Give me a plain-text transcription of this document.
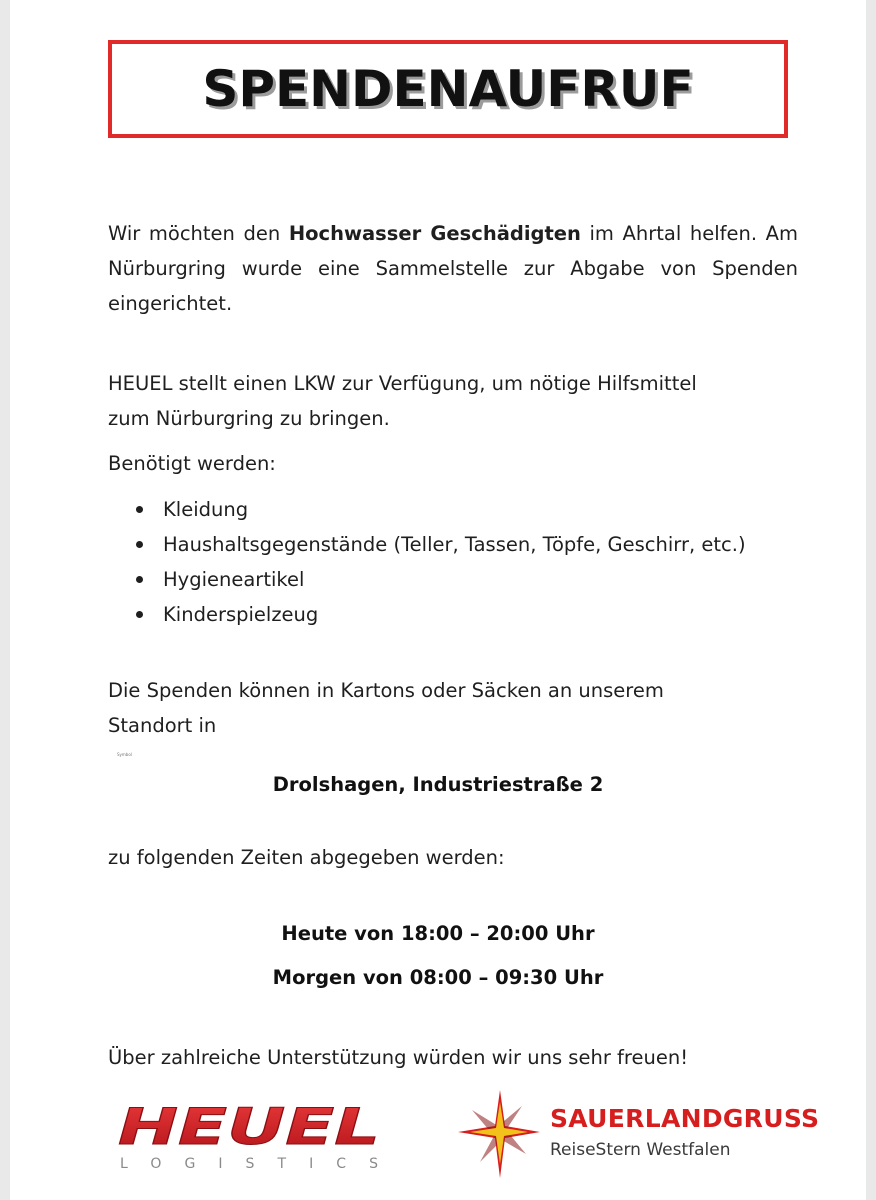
SPENDENAUFRUF

Wir möchten den Hochwasser Geschädigten im Ahrtal helfen. Am Nürburgring wurde eine Sammelstelle zur Abgabe von Spenden eingerichtet.

HEUEL stellt einen LKW zur Verfügung, um nötige Hilfsmittel
zum Nürburgring zu bringen.

Benötigt werden:

Kleidung
Haushaltsgegenstände (Teller, Tassen, Töpfe, Geschirr, etc.)
Hygieneartikel
Kinderspielzeug

Die Spenden können in Kartons oder Säcken an unserem
Standort in

Symbol
Drolshagen, Industriestraße 2

zu folgenden Zeiten abgegeben werden:

Heute von 18:00 – 20:00 Uhr
Morgen von 08:00 – 09:30 Uhr

Über zahlreiche Unterstützung würden wir uns sehr freuen!

HEUEL
LOGISTICS
SAUERLANDGRUSS
ReiseStern Westfalen
